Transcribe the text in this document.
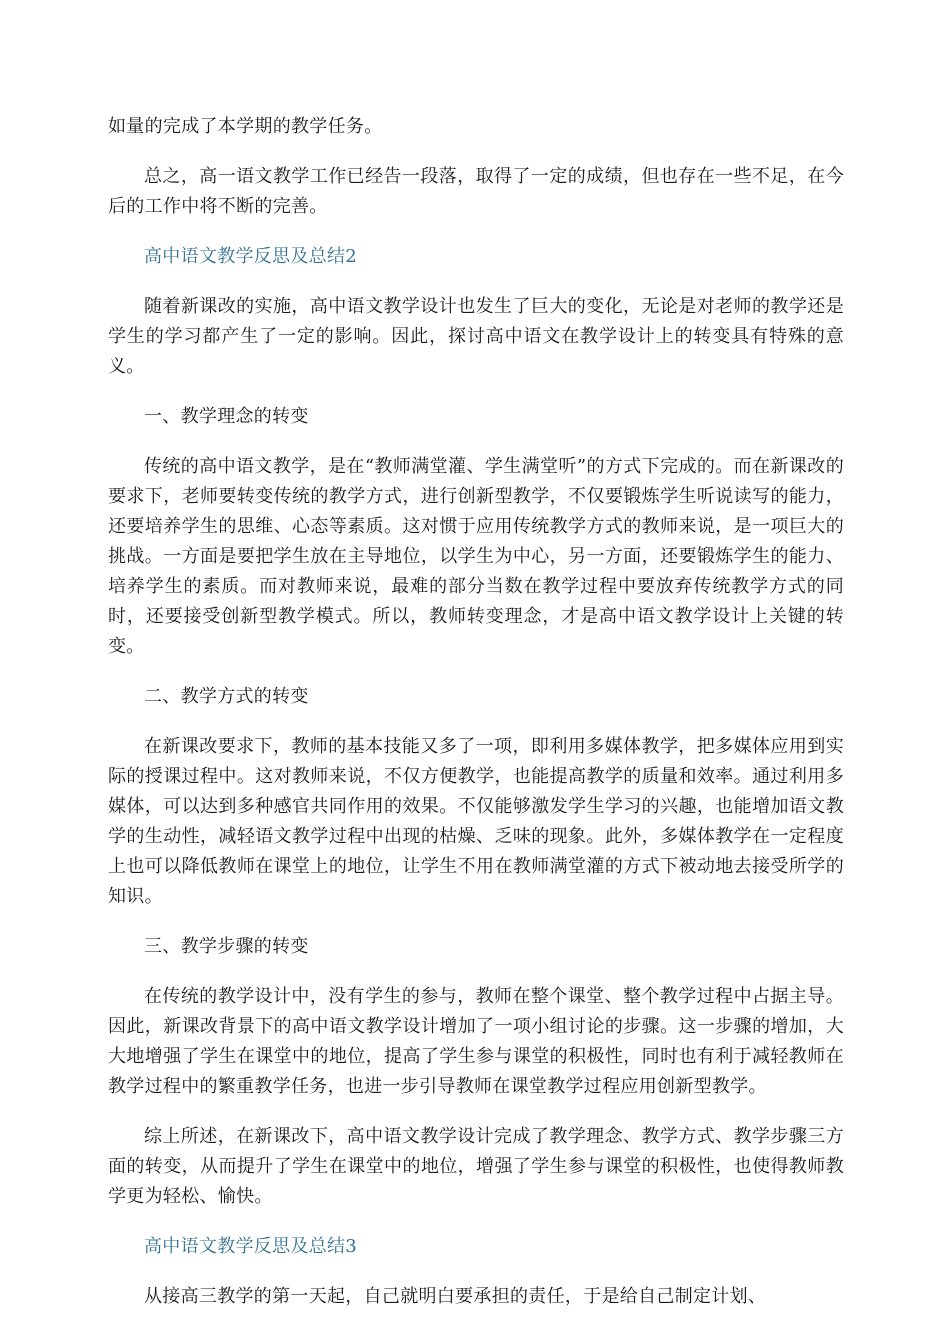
如量的完成了本学期的教学任务。

总之，高一语文教学工作已经告一段落，取得了一定的成绩，但也存在一些不足，在今后的工作中将不断的完善。

高中语文教学反思及总结2

随着新课改的实施，高中语文教学设计也发生了巨大的变化，无论是对老师的教学还是学生的学习都产生了一定的影响。因此，探讨高中语文在教学设计上的转变具有特殊的意义。

一、教学理念的转变

传统的高中语文教学，是在“教师满堂灌、学生满堂听”的方式下完成的。而在新课改的要求下，老师要转变传统的教学方式，进行创新型教学，不仅要锻炼学生听说读写的能力，还要培养学生的思维、心态等素质。这对惯于应用传统教学方式的教师来说，是一项巨大的挑战。一方面是要把学生放在主导地位，以学生为中心，另一方面，还要锻炼学生的能力、培养学生的素质。而对教师来说，最难的部分当数在教学过程中要放弃传统教学方式的同时，还要接受创新型教学模式。所以，教师转变理念，才是高中语文教学设计上关键的转变。

二、教学方式的转变

在新课改要求下，教师的基本技能又多了一项，即利用多媒体教学，把多媒体应用到实际的授课过程中。这对教师来说，不仅方便教学，也能提高教学的质量和效率。通过利用多媒体，可以达到多种感官共同作用的效果。不仅能够激发学生学习的兴趣，也能增加语文教学的生动性，减轻语文教学过程中出现的枯燥、乏味的现象。此外，多媒体教学在一定程度上也可以降低教师在课堂上的地位，让学生不用在教师满堂灌的方式下被动地去接受所学的知识。

三、教学步骤的转变

在传统的教学设计中，没有学生的参与，教师在整个课堂、整个教学过程中占据主导。因此，新课改背景下的高中语文教学设计增加了一项小组讨论的步骤。这一步骤的增加，大大地增强了学生在课堂中的地位，提高了学生参与课堂的积极性，同时也有利于减轻教师在教学过程中的繁重教学任务，也进一步引导教师在课堂教学过程应用创新型教学。

综上所述，在新课改下，高中语文教学设计完成了教学理念、教学方式、教学步骤三方面的转变，从而提升了学生在课堂中的地位，增强了学生参与课堂的积极性，也使得教师教学更为轻松、愉快。

高中语文教学反思及总结3

从接高三教学的第一天起，自己就明白要承担的责任，于是给自己制定计划、
